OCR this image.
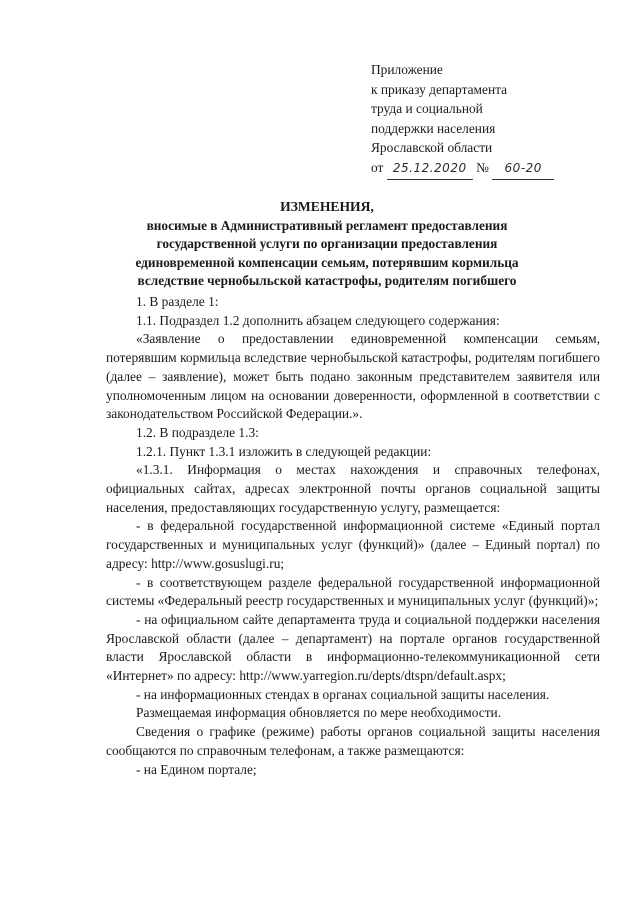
Приложение
к приказу департамента
труда и социальной
поддержки населения
Ярославской области
от 25.12.2020 № 60-20
ИЗМЕНЕНИЯ,
вносимые в Административный регламент предоставления
государственной услуги по организации предоставления
единовременной компенсации семьям, потерявшим кормильца
вследствие чернобыльской катастрофы, родителям погибшего

1. В разделе 1:

1.1. Подраздел 1.2 дополнить абзацем следующего содержания:

«Заявление о предоставлении единовременной компенсации семьям, потерявшим кормильца вследствие чернобыльской катастрофы, родителям погибшего (далее – заявление), может быть подано законным представителем заявителя или уполномоченным лицом на основании доверенности, оформленной в соответствии с законодательством Российской Федерации.».

1.2. В подразделе 1.3:

1.2.1. Пункт 1.3.1 изложить в следующей редакции:

«1.3.1. Информация о местах нахождения и справочных телефонах, официальных сайтах, адресах электронной почты органов социальной защиты населения, предоставляющих государственную услугу, размещается:

- в федеральной государственной информационной системе «Единый портал государственных и муниципальных услуг (функций)» (далее – Единый портал) по адресу: http://www.gosuslugi.ru;

- в соответствующем разделе федеральной государственной информационной системы «Федеральный реестр государственных и муниципальных услуг (функций)»;

- на официальном сайте департамента труда и социальной поддержки населения Ярославской области (далее – департамент) на портале органов государственной власти Ярославской области в информационно-телекоммуникационной сети «Интернет» по адресу: http://www.yarregion.ru/depts/dtspn/default.aspx;

- на информационных стендах в органах социальной защиты населения.

Размещаемая информация обновляется по мере необходимости.

Сведения о графике (режиме) работы органов социальной защиты населения сообщаются по справочным телефонам, а также размещаются:

- на Едином портале;
